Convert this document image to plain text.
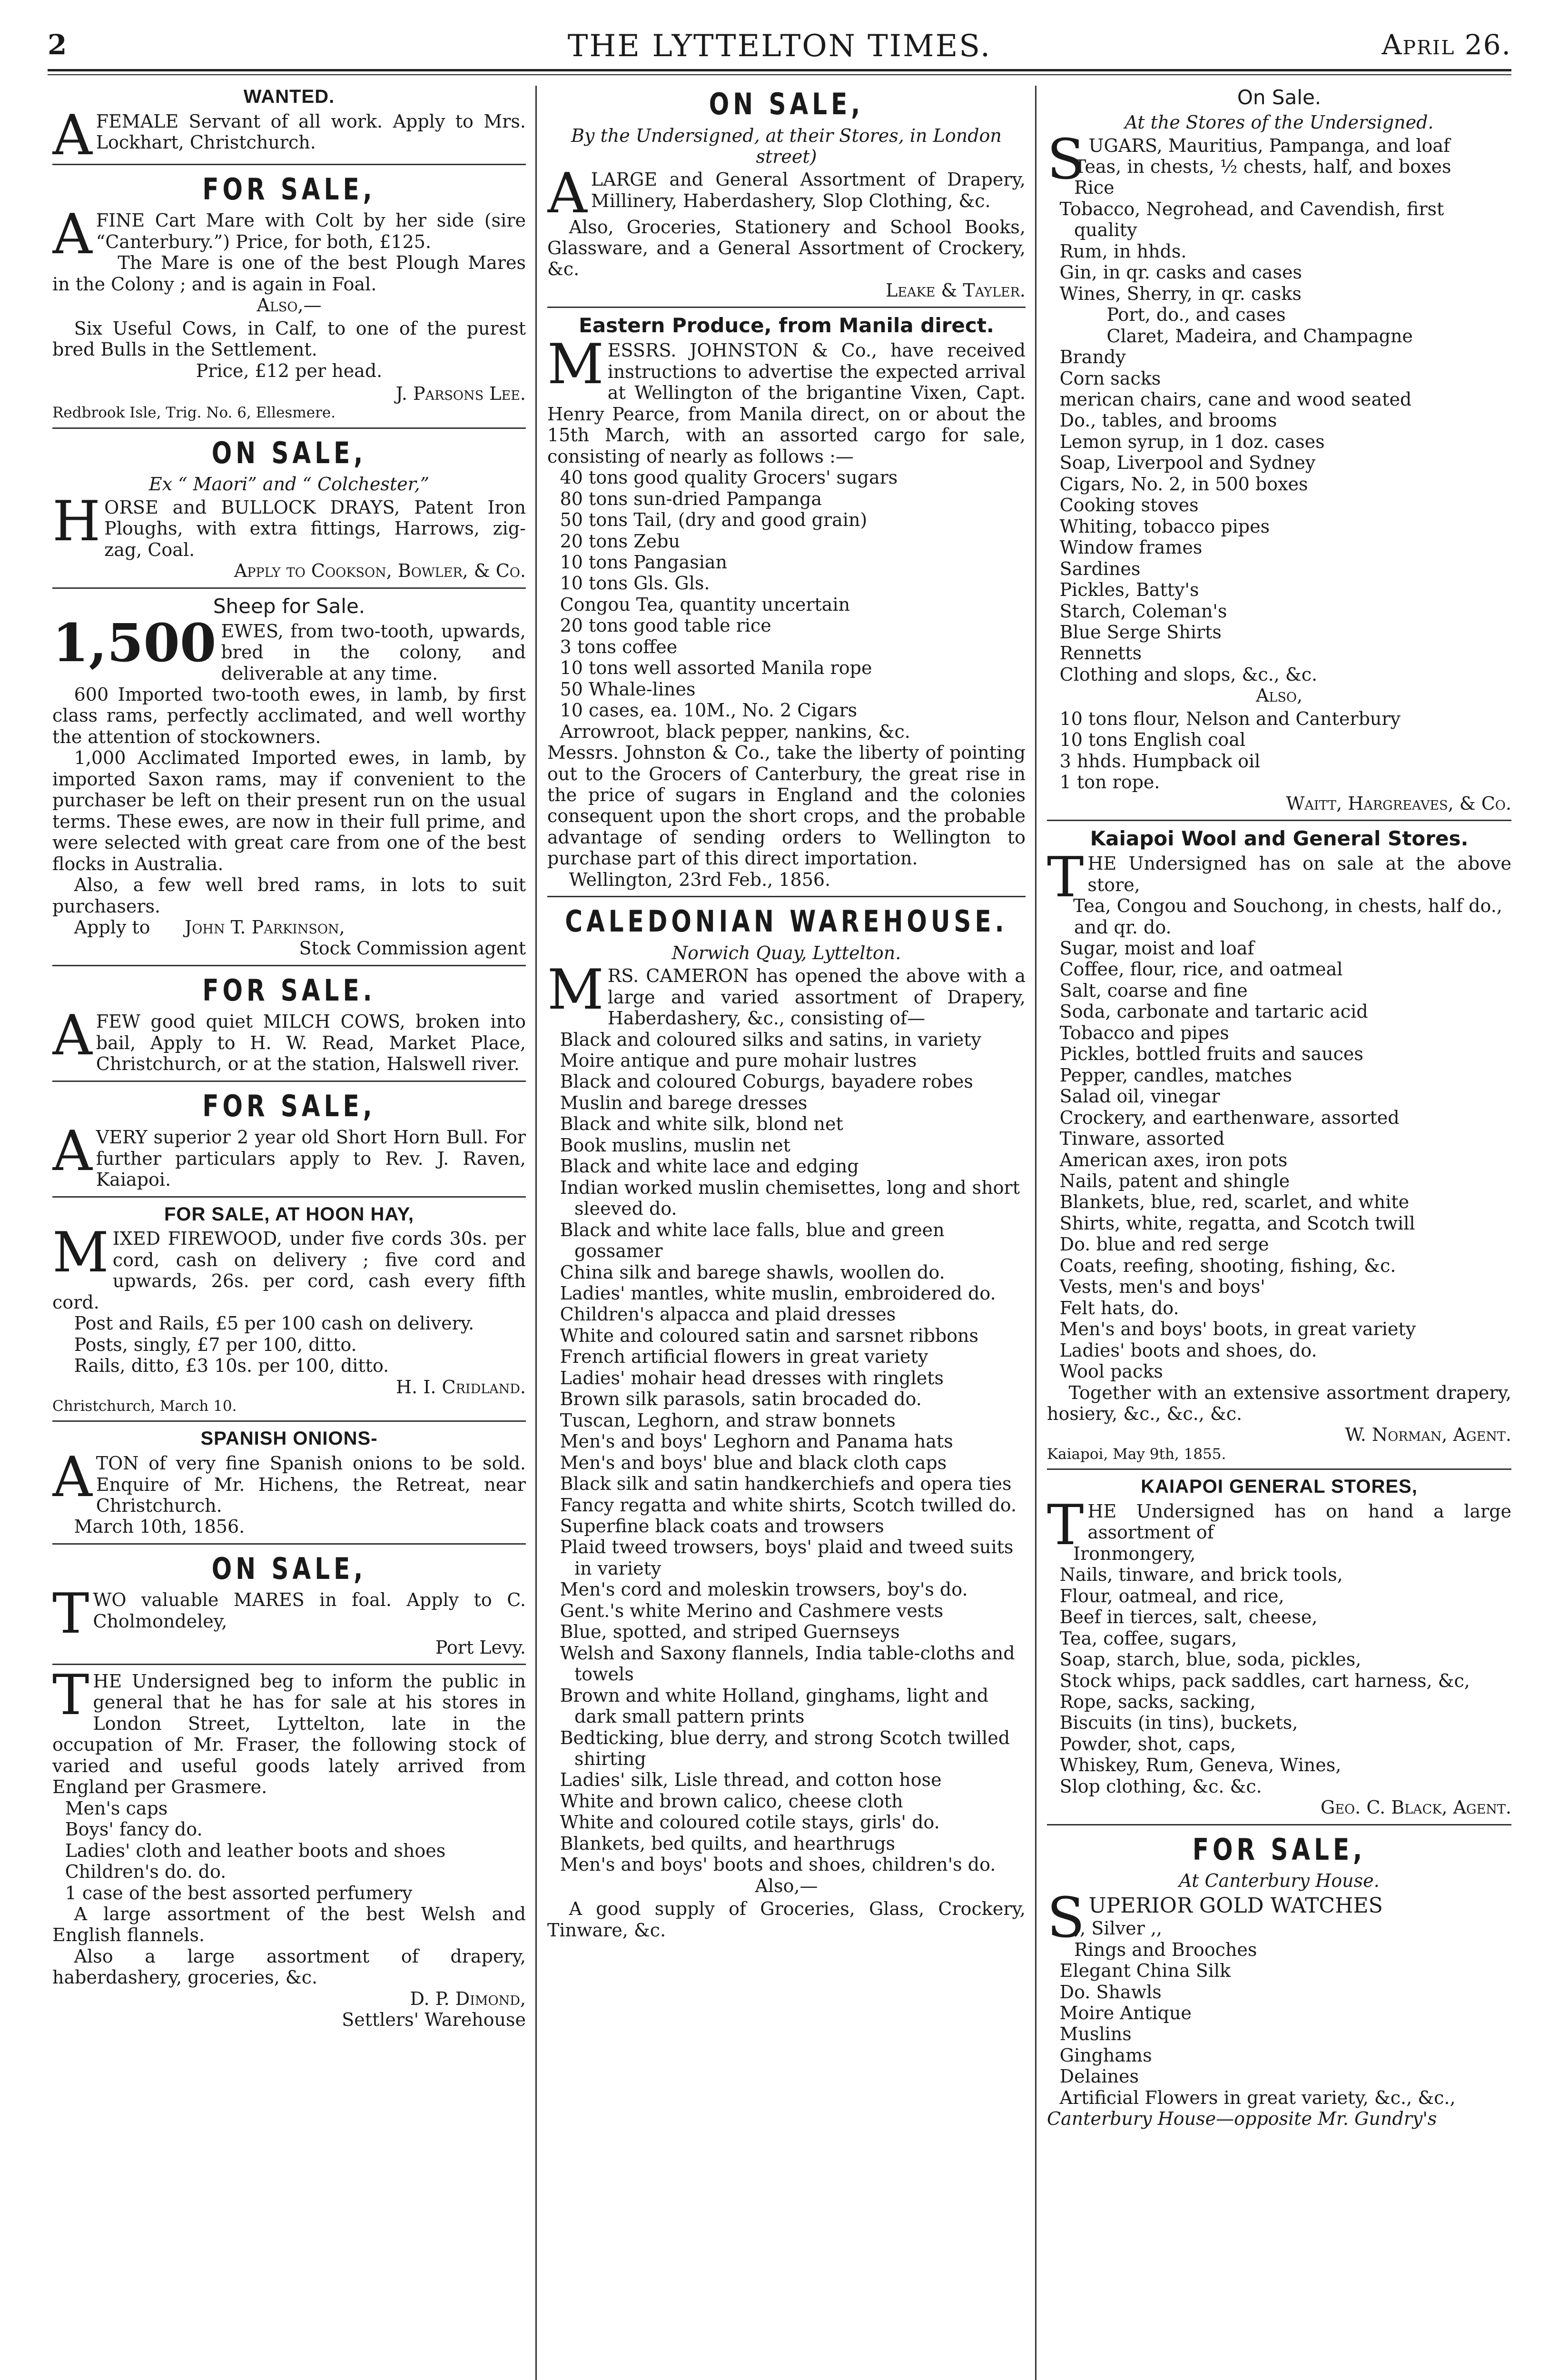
2	THE LYTTELTON TIMES.	April 26.
WANTED.

AFEMALE Servant of all work. Apply to Mrs. Lockhart, Christchurch.

FOR SALE,

AFINE Cart Mare with Colt by her side (sire “Canterbury.”) Price, for both, £125.

The Mare is one of the best Plough Mares in the Colony ; and is again in Foal.

Also,—

Six Useful Cows, in Calf, to one of the purest bred Bulls in the Settlement.

Price, £12 per head.
J. Parsons Lee.
Redbrook Isle, Trig. No. 6, Ellesmere.
ON SALE,
Ex “ Maori” and “ Colchester,”

HORSE and BULLOCK DRAYS, Patent Iron Ploughs, with extra fittings, Harrows, zig-zag, Coal.

Apply to Cookson, Bowler, & Co.
Sheep for Sale.

1,500 EWES, from two-tooth, upwards, bred in the colony, and deliverable at any time.

600 Imported two-tooth ewes, in lamb, by first class rams, perfectly acclimated, and well worthy the attention of stockowners.

1,000 Acclimated Imported ewes, in lamb, by imported Saxon rams, may if convenient to the purchaser be left on their present run on the usual terms. These ewes, are now in their full prime, and were selected with great care from one of the best flocks in Australia.

Also, a few well bred rams, in lots to suit purchasers.

Apply to John T. Parkinson,

Stock Commission agent
FOR SALE.

AFEW good quiet MILCH COWS, broken into bail, Apply to H. W. Read, Market Place, Christchurch, or at the station, Halswell river.

FOR SALE,

AVERY superior 2 year old Short Horn Bull. For further particulars apply to Rev. J. Raven, Kaiapoi.

FOR SALE, AT HOON HAY,

MIXED FIREWOOD, under five cords 30s. per cord, cash on delivery ; five cord and upwards, 26s. per cord, cash every fifth cord.

Post and Rails, £5 per 100 cash on delivery.

Posts, singly, £7 per 100, ditto.

Rails, ditto, £3 10s. per 100, ditto.

H. I. Cridland.
Christchurch, March 10.
SPANISH ONIONS-

ATON of very fine Spanish onions to be sold. Enquire of Mr. Hichens, the Retreat, near Christchurch.

March 10th, 1856.

ON SALE,

TWO valuable MARES in foal. Apply to C. Cholmondeley,

Port Levy.

THE Undersigned beg to inform the public in general that he has for sale at his stores in London Street, Lyttelton, late in the occupation of Mr. Fraser, the following stock of varied and useful goods lately arrived from England per Grasmere.

Men's caps
Boys' fancy do.
Ladies' cloth and leather boots and shoes
Children's do. do.
1 case of the best assorted perfumery

A large assortment of the best Welsh and English flannels.

Also a large assortment of drapery, haberdashery, groceries, &c.

D. P. Dimond,
Settlers' Warehouse
ON SALE,
By the Undersigned, at their Stores, in London street)

ALARGE and General Assortment of Drapery, Millinery, Haberdashery, Slop Clothing, &c.

Also, Groceries, Stationery and School Books, Glassware, and a General Assortment of Crockery, &c.

Leake & Tayler.
Eastern Produce, from Manila direct.

MESSRS. JOHNSTON & Co., have received instructions to advertise the expected arrival at Wellington of the brigantine Vixen, Capt. Henry Pearce, from Manila direct, on or about the 15th March, with an assorted cargo for sale, consisting of nearly as follows :—

40 tons good quality Grocers' sugars
80 tons sun-dried Pampanga
50 tons Tail, (dry and good grain)
20 tons Zebu
10 tons Pangasian
10 tons Gls. Gls.
Congou Tea, quantity uncertain
20 tons good table rice
3 tons coffee
10 tons well assorted Manila rope
50 Whale-lines
10 cases, ea. 10M., No. 2 Cigars
Arrowroot, black pepper, nankins, &c.

Messrs. Johnston & Co., take the liberty of pointing out to the Grocers of Canterbury, the great rise in the price of sugars in England and the colonies consequent upon the short crops, and the probable advantage of sending orders to Wellington to purchase part of this direct importation.

Wellington, 23rd Feb., 1856.

CALEDONIAN WAREHOUSE.
Norwich Quay, Lyttelton.

MRS. CAMERON has opened the above with a large and varied assortment of Drapery, Haberdashery, &c., consisting of—

Black and coloured silks and satins, in variety
Moire antique and pure mohair lustres
Black and coloured Coburgs, bayadere robes
Muslin and barege dresses
Black and white silk, blond net
Book muslins, muslin net
Black and white lace and edging
Indian worked muslin chemisettes, long and short sleeved do.
Black and white lace falls, blue and green gossamer
China silk and barege shawls, woollen do.
Ladies' mantles, white muslin, embroidered do.
Children's alpacca and plaid dresses
White and coloured satin and sarsnet ribbons
French artificial flowers in great variety
Ladies' mohair head dresses with ringlets
Brown silk parasols, satin brocaded do.
Tuscan, Leghorn, and straw bonnets
Men's and boys' Leghorn and Panama hats
Men's and boys' blue and black cloth caps
Black silk and satin handkerchiefs and opera ties
Fancy regatta and white shirts, Scotch twilled do.
Superfine black coats and trowsers
Plaid tweed trowsers, boys' plaid and tweed suits in variety
Men's cord and moleskin trowsers, boy's do.
Gent.'s white Merino and Cashmere vests
Blue, spotted, and striped Guernseys
Welsh and Saxony flannels, India table-cloths and towels
Brown and white Holland, ginghams, light and dark small pattern prints
Bedticking, blue derry, and strong Scotch twilled shirting
Ladies' silk, Lisle thread, and cotton hose
White and brown calico, cheese cloth
White and coloured cotile stays, girls' do.
Blankets, bed quilts, and hearthrugs
Men's and boys' boots and shoes, children's do.
Also,—

A good supply of Groceries, Glass, Crockery, Tinware, &c.

On Sale.
At the Stores of the Undersigned.

SUGARS, Mauritius, Pampanga, and loaf

Teas, in chests, ½ chests, half, and boxes
Rice
Tobacco, Negrohead, and Cavendish, first quality
Rum, in hhds.
Gin, in qr. casks and cases
Wines, Sherry, in qr. casks
Port, do., and cases
Claret, Madeira, and Champagne
Brandy
Corn sacks
merican chairs, cane and wood seated
Do., tables, and brooms
Lemon syrup, in 1 doz. cases
Soap, Liverpool and Sydney
Cigars, No. 2, in 500 boxes
Cooking stoves
Whiting, tobacco pipes
Window frames
Sardines
Pickles, Batty's
Starch, Coleman's
Blue Serge Shirts
Rennetts
Clothing and slops, &c., &c.
Also,
10 tons flour, Nelson and Canterbury
10 tons English coal
3 hhds. Humpback oil
1 ton rope.
Waitt, Hargreaves, & Co.
Kaiapoi Wool and General Stores.

THE Undersigned has on sale at the above store,

Tea, Congou and Souchong, in chests, half do., and qr. do.
Sugar, moist and loaf
Coffee, flour, rice, and oatmeal
Salt, coarse and fine
Soda, carbonate and tartaric acid
Tobacco and pipes
Pickles, bottled fruits and sauces
Pepper, candles, matches
Salad oil, vinegar
Crockery, and earthenware, assorted
Tinware, assorted
American axes, iron pots
Nails, patent and shingle
Blankets, blue, red, scarlet, and white
Shirts, white, regatta, and Scotch twill
Do. blue and red serge
Coats, reefing, shooting, fishing, &c.
Vests, men's and boys'
Felt hats, do.
Men's and boys' boots, in great variety
Ladies' boots and shoes, do.
Wool packs

Together with an extensive assortment drapery, hosiery, &c., &c., &c.

W. Norman, Agent.
Kaiapoi, May 9th, 1855.
KAIAPOI GENERAL STORES,

THE Undersigned has on hand a large assortment of

Ironmongery,
Nails, tinware, and brick tools,
Flour, oatmeal, and rice,
Beef in tierces, salt, cheese,
Tea, coffee, sugars,
Soap, starch, blue, soda, pickles,
Stock whips, pack saddles, cart harness, &c,
Rope, sacks, sacking,
Biscuits (in tins), buckets,
Powder, shot, caps,
Whiskey, Rum, Geneva, Wines,
Slop clothing, &c. &c.
Geo. C. Black, Agent.
FOR SALE,
At Canterbury House.

SUPERIOR GOLD WATCHES

,, Silver ,,
Rings and Brooches
Elegant China Silk
Do. Shawls
Moire Antique
Muslins
Ginghams
Delaines
Artificial Flowers in great variety, &c., &c.,

Canterbury House—opposite Mr. Gundry's
